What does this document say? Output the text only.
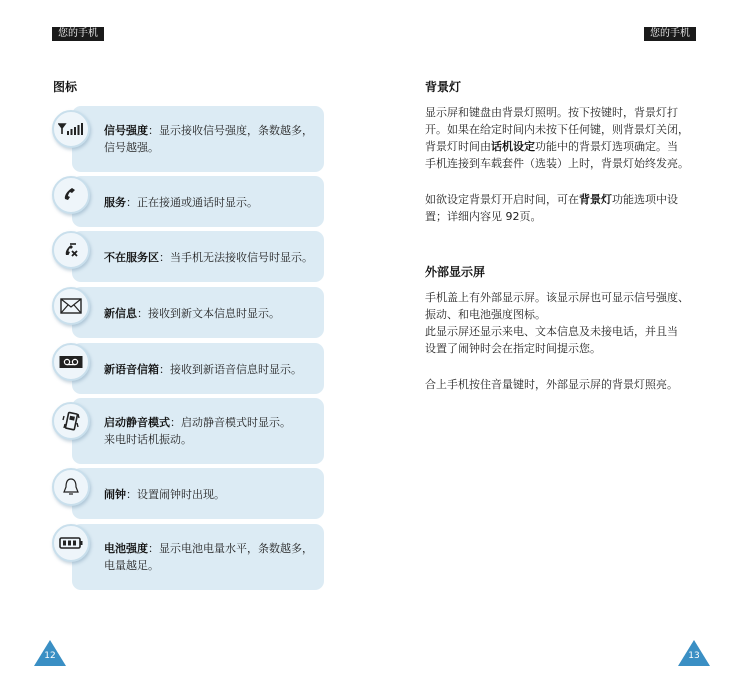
您的手机
图标
信号强度：显示接收信号强度，条数越多，
信号越强。
服务：正在接通或通话时显示。
不在服务区：当手机无法接收信号时显示。
新信息：接收到新文本信息时显示。
新语音信箱：接收到新语音信息时显示。
启动静音模式：启动静音模式时显示。
来电时话机振动。
闹钟：设置闹钟时出现。
电池强度：显示电池电量水平，条数越多，
电量越足。
12
您的手机
13
背景灯
显示屏和键盘由背景灯照明。按下按键时，背景灯打
开。如果在给定时间内未按下任何键，则背景灯关闭，
背景灯时间由话机设定功能中的背景灯选项确定。当
手机连接到车载套件（选装）上时，背景灯始终发亮。
如欲设定背景灯开启时间，可在背景灯功能选项中设
置；详细内容见 92页。
外部显示屏
手机盖上有外部显示屏。该显示屏也可显示信号强度、
振动、和电池强度图标。
此显示屏还显示来电、文本信息及未接电话，并且当
设置了闹钟时会在指定时间提示您。
合上手机按住音量键时，外部显示屏的背景灯照亮。
